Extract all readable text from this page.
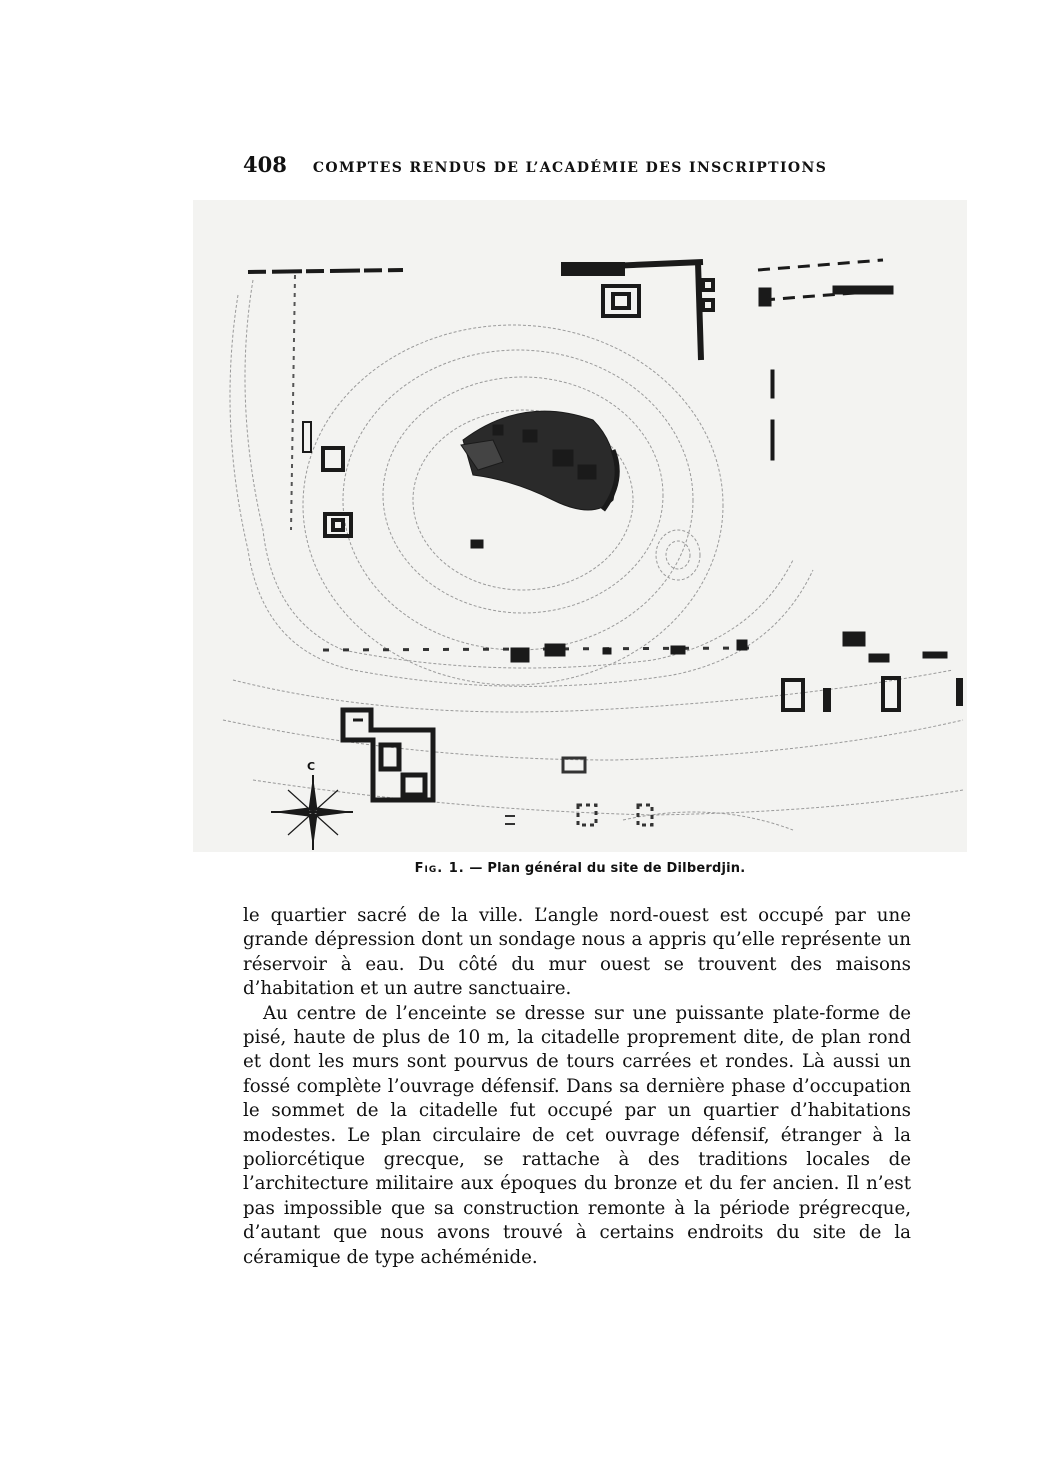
408 COMPTES RENDUS DE L’ACADÉMIE DES INSCRIPTIONS
C
Fig. 1. — Plan général du site de Dilberdjin.

le quartier sacré de la ville. L’angle nord-ouest est occupé par une grande dépression dont un sondage nous a appris qu’elle représente un réservoir à eau. Du côté du mur ouest se trouvent des maisons d’habitation et un autre sanctuaire.

Au centre de l’enceinte se dresse sur une puissante plate-forme de pisé, haute de plus de 10 m, la citadelle proprement dite, de plan rond et dont les murs sont pourvus de tours carrées et rondes. Là aussi un fossé complète l’ouvrage défensif. Dans sa dernière phase d’occupation le sommet de la citadelle fut occupé par un quartier d’habitations modestes. Le plan circulaire de cet ouvrage défensif, étranger à la poliorcétique grecque, se rattache à des traditions locales de l’architecture militaire aux époques du bronze et du fer ancien. Il n’est pas impossible que sa construction remonte à la période prégrecque, d’autant que nous avons trouvé à certains endroits du site de la céramique de type achéménide.
